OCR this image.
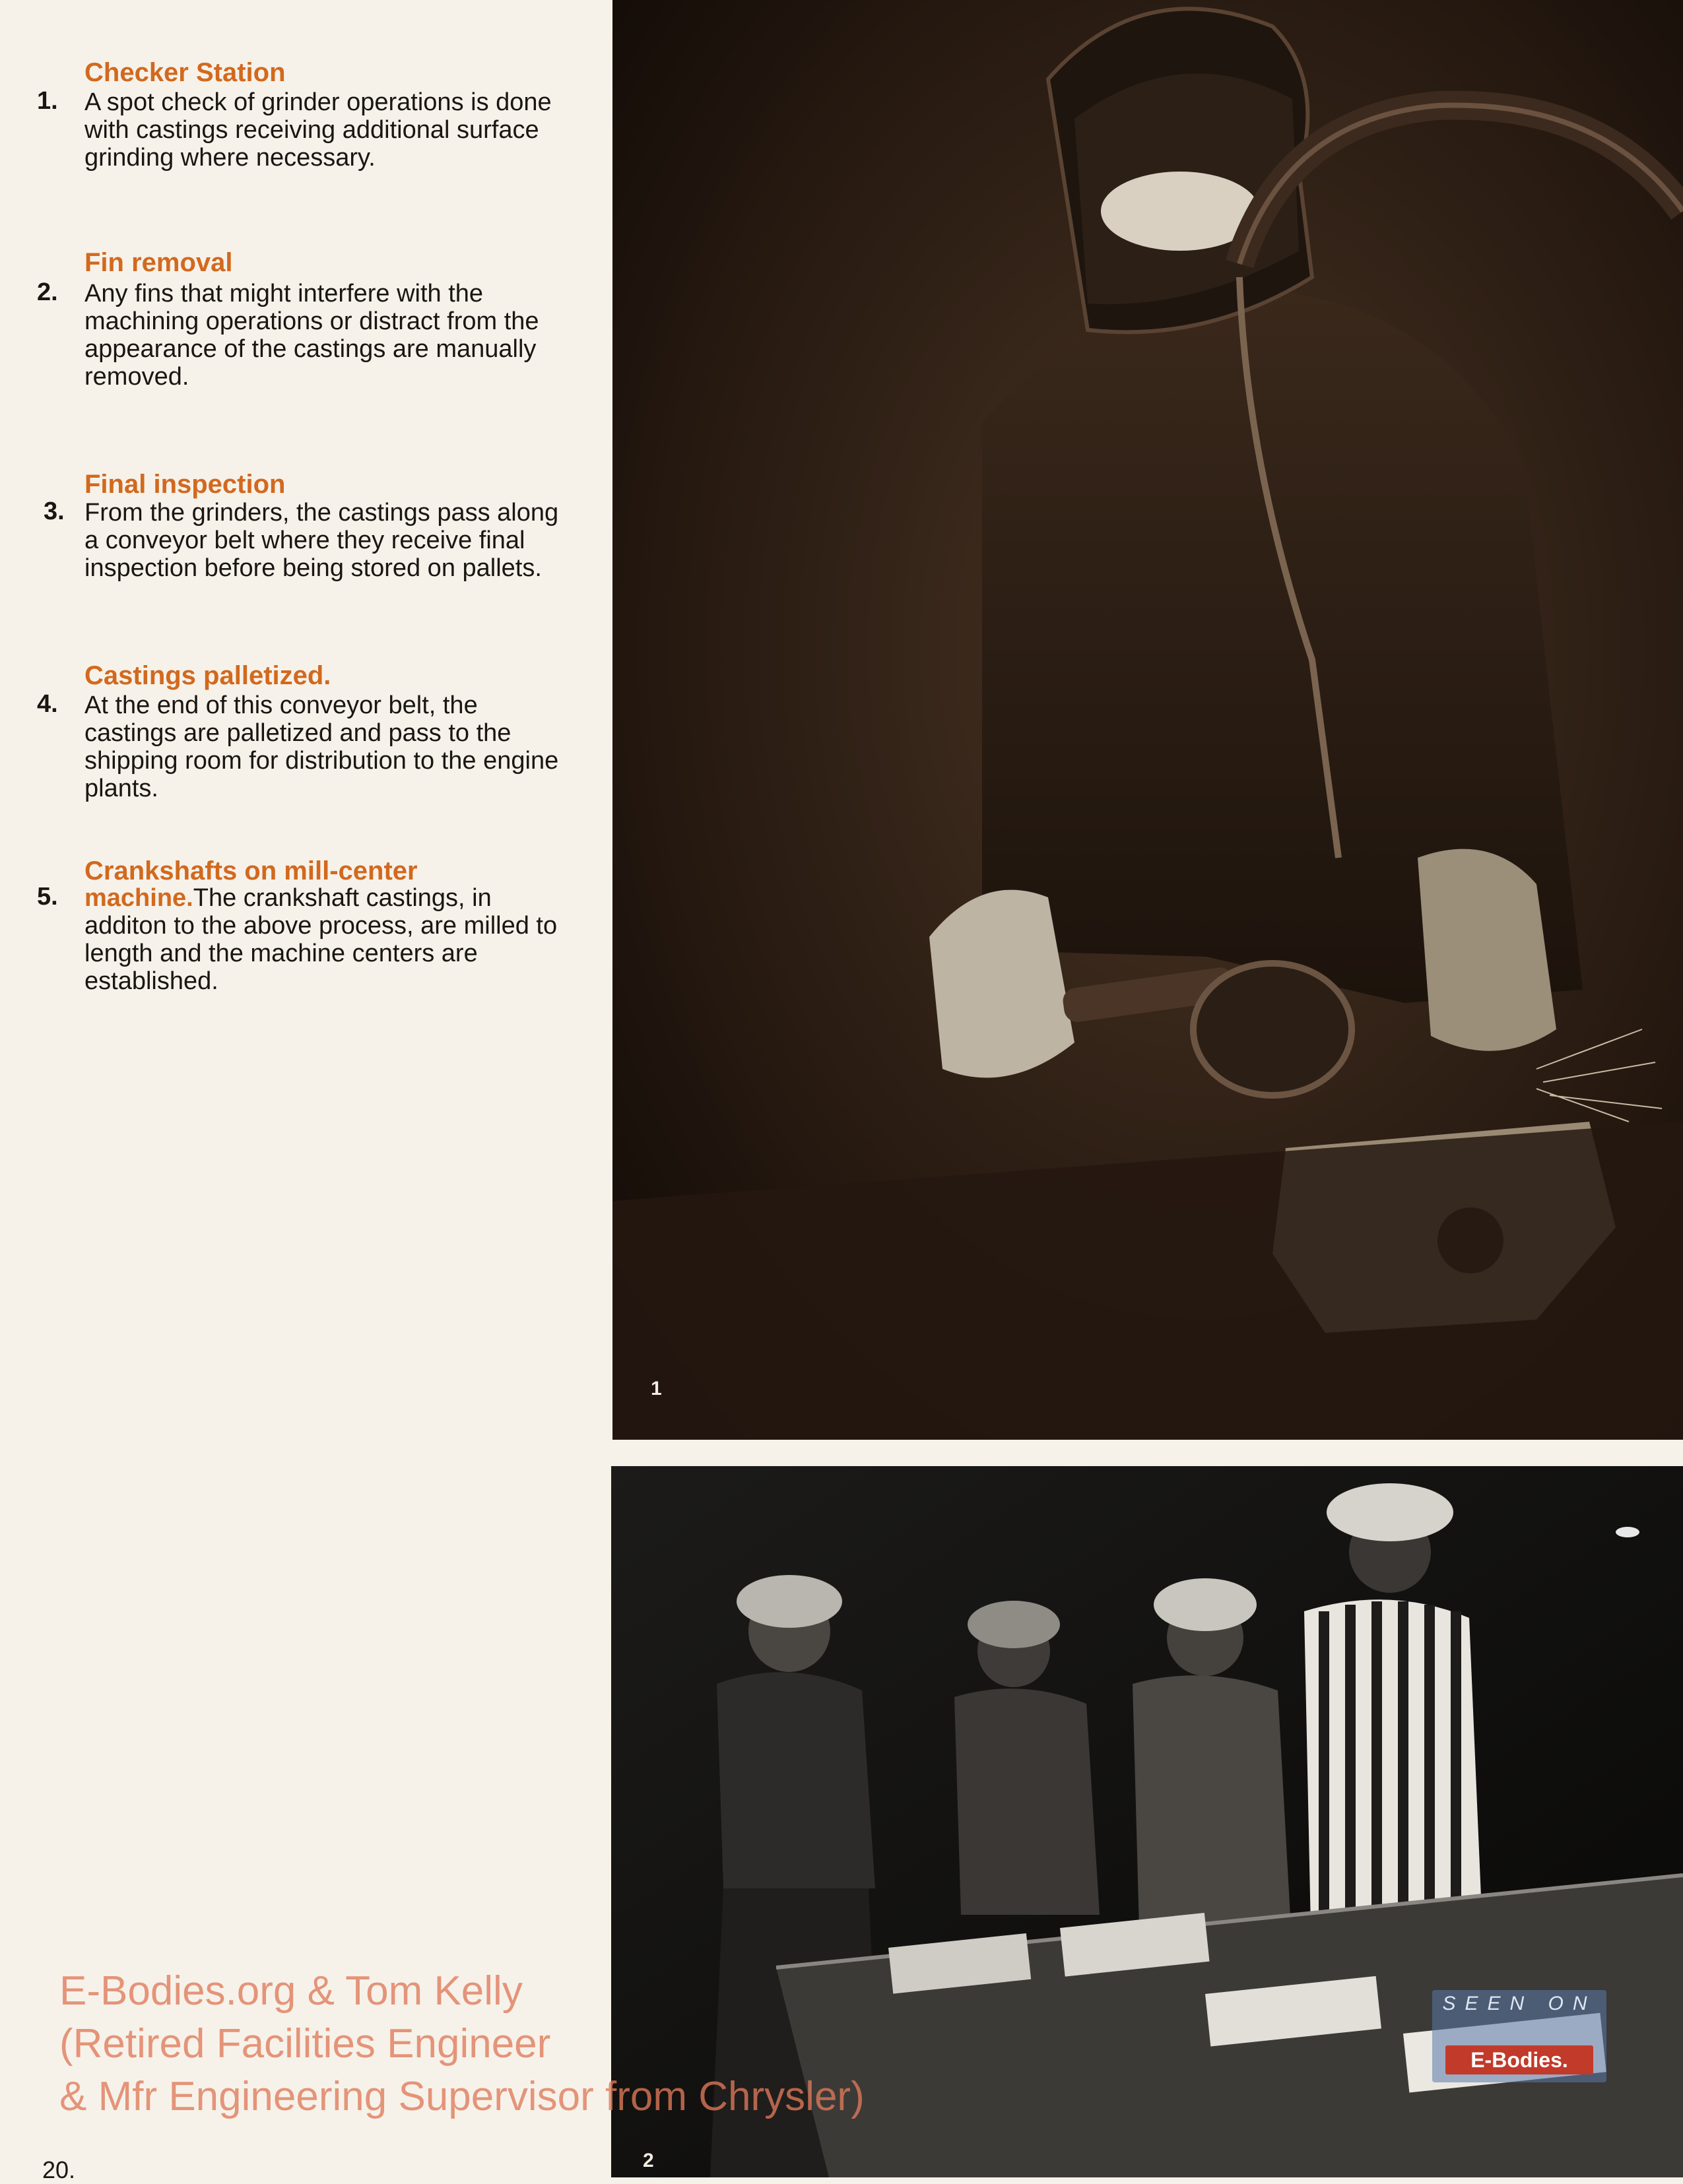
Checker Station
1. A spot check of grinder operations is done with castings receiving additional surface grinding where necessary.
Fin removal
2. Any fins that might interfere with the machining operations or distract from the appearance of the castings are manually removed.
Final inspection
3. From the grinders, the castings pass along a conveyor belt where they receive final inspection before being stored on pallets.
Castings palletized.
4. At the end of this conveyor belt, the castings are palletized and pass to the shipping room for distribution to the engine plants.
Crankshafts on mill-center
5. machine.The crankshaft castings, in additon to the above process, are milled to length and the machine centers are established.
1
2
E-Bodies.org & Tom Kelly
(Retired Facilities Engineer
& Mfr Engineering Supervisor from Chrysler)
SEEN ON
E-Bodies.
20.
